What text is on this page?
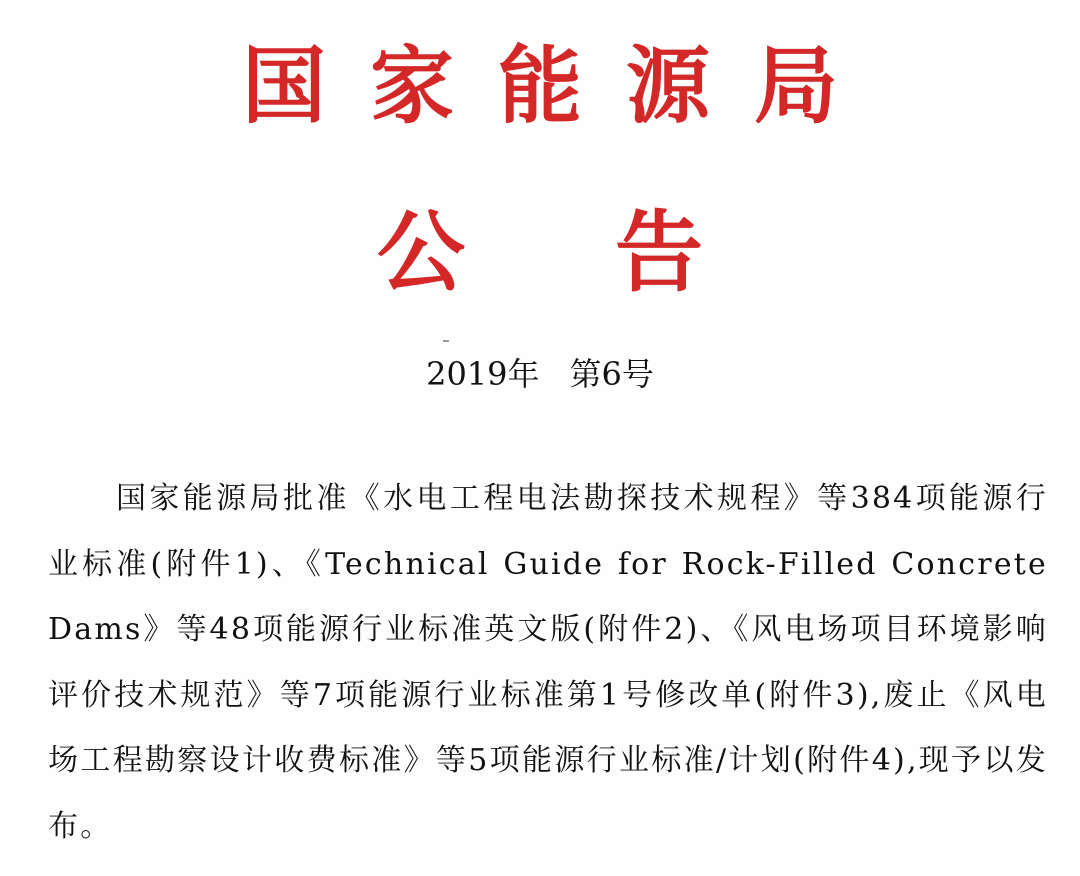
国家能源局
公告
2019年 第6号

国家能源局批准《水电工程电法勘探技术规程》等384项能源行业标准(附件1)、《Technical Guide for Rock-Filled Concrete Dams》等48项能源行业标准英文版(附件2)、《风电场项目环境影响评价技术规范》等7项能源行业标准第1号修改单(附件3),废止《风电场工程勘察设计收费标准》等5项能源行业标准/计划(附件4),现予以发布。
